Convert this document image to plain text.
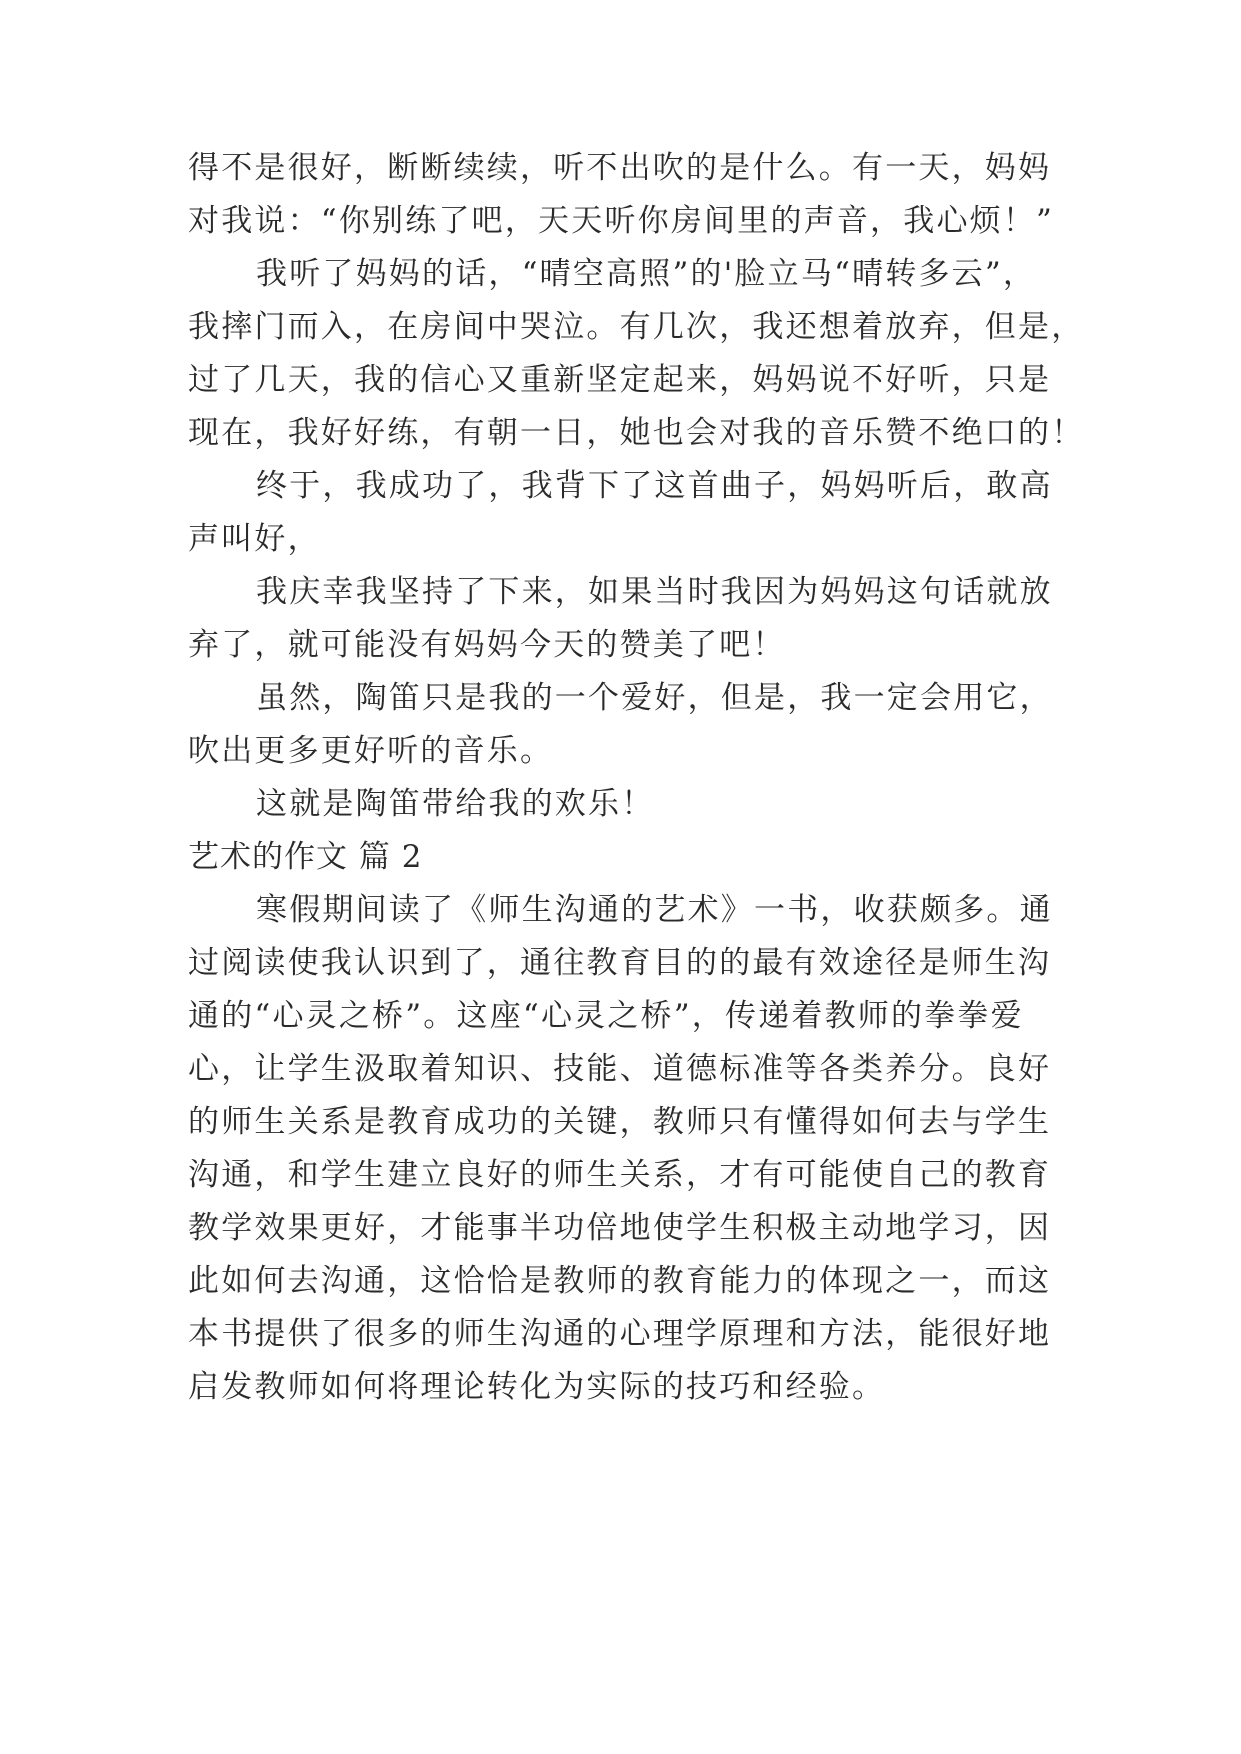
得不是很好，断断续续，听不出吹的是什么。有一天，妈妈
对我说：“你别练了吧，天天听你房间里的声音，我心烦！”
我听了妈妈的话，“晴空高照”的'脸立马“晴转多云”，
我摔门而入，在房间中哭泣。有几次，我还想着放弃，但是，
过了几天，我的信心又重新坚定起来，妈妈说不好听，只是
现在，我好好练，有朝一日，她也会对我的音乐赞不绝口的！
终于，我成功了，我背下了这首曲子，妈妈听后，敢高
声叫好，
我庆幸我坚持了下来，如果当时我因为妈妈这句话就放
弃了，就可能没有妈妈今天的赞美了吧！
虽然，陶笛只是我的一个爱好，但是，我一定会用它，
吹出更多更好听的音乐。
这就是陶笛带给我的欢乐！
艺术的作文 篇 2
寒假期间读了《师生沟通的艺术》一书，收获颇多。通
过阅读使我认识到了，通往教育目的的最有效途径是师生沟
通的“心灵之桥”。这座“心灵之桥”，传递着教师的拳拳爱
心，让学生汲取着知识、技能、道德标准等各类养分。良好
的师生关系是教育成功的关键，教师只有懂得如何去与学生
沟通，和学生建立良好的师生关系，才有可能使自己的教育
教学效果更好，才能事半功倍地使学生积极主动地学习，因
此如何去沟通，这恰恰是教师的教育能力的体现之一，而这
本书提供了很多的师生沟通的心理学原理和方法，能很好地
启发教师如何将理论转化为实际的技巧和经验。
